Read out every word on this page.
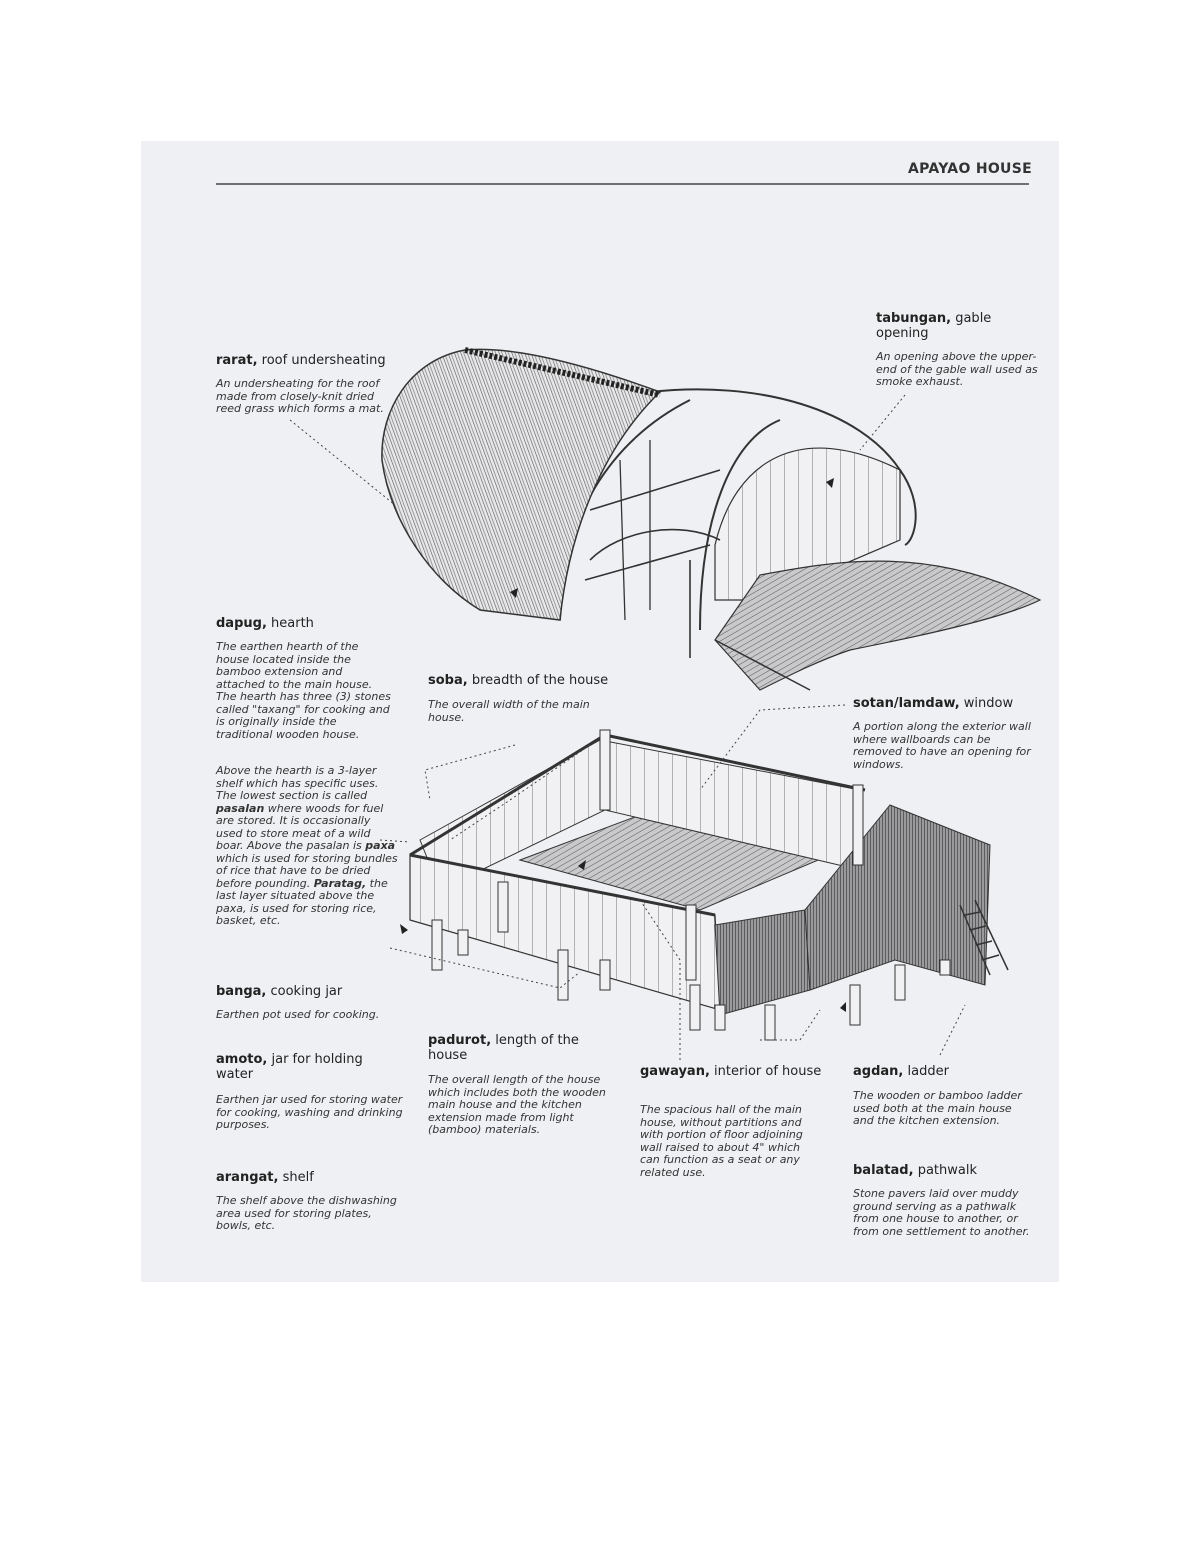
APAYAO HOUSE
rarat, roof undersheating
An undersheating for the roof made from closely-knit dried reed grass which forms a mat.
tabungan, gable opening
An opening above the upper-end of the gable wall used as smoke exhaust.
dapug, hearth
The earthen hearth of the house located inside the bamboo extension and attached to the main house. The hearth has three (3) stones called "taxang" for cooking and is originally inside the traditional wooden house.
Above the hearth is a 3-layer shelf which has specific uses. The lowest section is called pasalan where woods for fuel are stored. It is occasionally used to store meat of a wild boar. Above the pasalan is paxa which is used for storing bundles of rice that have to be dried before pounding. Paratag, the last layer situated above the paxa, is used for storing rice, basket, etc.
soba, breadth of the house
The overall width of the main house.
sotan/lamdaw, window
A portion along the exterior wall where wallboards can be removed to have an opening for windows.
banga, cooking jar
Earthen pot used for cooking.
amoto, jar for holding water
Earthen jar used for storing water for cooking, washing and drinking purposes.
arangat, shelf
The shelf above the dishwashing area used for storing plates, bowls, etc.
padurot, length of the house
The overall length of the house which includes both the wooden main house and the kitchen extension made from light (bamboo) materials.
gawayan, interior of house
The spacious hall of the main house, without partitions and with portion of floor adjoining wall raised to about 4" which can function as a seat or any related use.
agdan, ladder
The wooden or bamboo ladder used both at the main house and the kitchen extension.
balatad, pathwalk
Stone pavers laid over muddy ground serving as a pathwalk from one house to another, or from one settlement to another.
